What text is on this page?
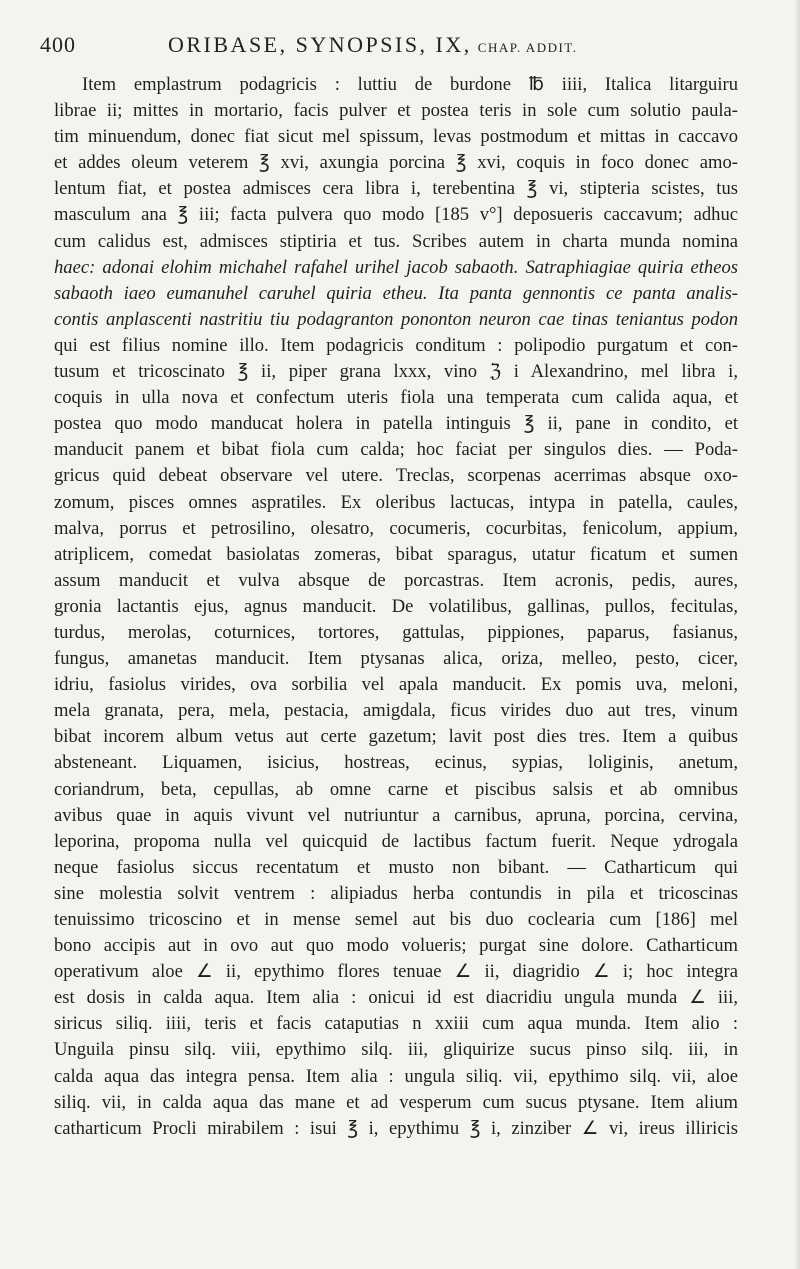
400	ORIBASE, SYNOPSIS, IX, CHAP. ADDIT.
Item emplastrum podagricis : luttiu de burdone ℔ iiii, Italica litarguiru
librae ii; mittes in mortario, facis pulver et postea teris in sole cum solutio paula-
tim minuendum, donec fiat sicut mel spissum, levas postmodum et mittas in caccavo
et addes oleum veterem ℥ xvi, axungia porcina ℥ xvi, coquis in foco donec amo-
lentum fiat, et postea admisces cera libra i, terebentina ℥ vi, stipteria scistes, tus
masculum ana ℥ iii; facta pulvera quo modo [185 v°] deposueris caccavum; adhuc
cum calidus est, admisces stiptiria et tus. Scribes autem in charta munda nomina
haec: adonai elohim michahel rafahel urihel jacob sabaoth. Satraphiagiae quiria etheos
sabaoth iaeo eumanuhel caruhel quiria etheu. Ita panta gennontis ce panta analis-
contis anplascenti nastritiu tiu podagranton pononton neuron cae tinas teniantus podon
qui est filius nomine illo. Item podagricis conditum : polipodio purgatum et con-
tusum et tricoscinato ℥ ii, piper grana lxxx, vino ℨ i Alexandrino, mel libra i,
coquis in ulla nova et confectum uteris fiola una temperata cum calida aqua, et
postea quo modo manducat holera in patella intinguis ℥ ii, pane in condito, et
manducit panem et bibat fiola cum calda; hoc faciat per singulos dies. — Poda-
gricus quid debeat observare vel utere. Treclas, scorpenas acerrimas absque oxo-
zomum, pisces omnes aspratiles. Ex oleribus lactucas, intypa in patella, caules,
malva, porrus et petrosilino, olesatro, cocumeris, cocurbitas, fenicolum, appium,
atriplicem, comedat basiolatas zomeras, bibat sparagus, utatur ficatum et sumen
assum manducit et vulva absque de porcastras. Item acronis, pedis, aures,
gronia lactantis ejus, agnus manducit. De volatilibus, gallinas, pullos, fecitulas,
turdus, merolas, coturnices, tortores, gattulas, pippiones, paparus, fasianus,
fungus, amanetas manducit. Item ptysanas alica, oriza, melleo, pesto, cicer,
idriu, fasiolus virides, ova sorbilia vel apala manducit. Ex pomis uva, meloni,
mela granata, pera, mela, pestacia, amigdala, ficus virides duo aut tres, vinum
bibat incorem album vetus aut certe gazetum; lavit post dies tres. Item a quibus
absteneant. Liquamen, isicius, hostreas, ecinus, sypias, loliginis, anetum,
coriandrum, beta, cepullas, ab omne carne et piscibus salsis et ab omnibus
avibus quae in aquis vivunt vel nutriuntur a carnibus, apruna, porcina, cervina,
leporina, propoma nulla vel quicquid de lactibus factum fuerit. Neque ydrogala
neque fasiolus siccus recentatum et musto non bibant. — Catharticum qui
sine molestia solvit ventrem : alipiadus herba contundis in pila et tricoscinas
tenuissimo tricoscino et in mense semel aut bis duo coclearia cum [186] mel
bono accipis aut in ovo aut quo modo volueris; purgat sine dolore. Catharticum
operativum aloe ∠ ii, epythimo flores tenuae ∠ ii, diagridio ∠ i; hoc integra
est dosis in calda aqua. Item alia : onicui id est diacridiu ungula munda ∠ iii,
siricus siliq. iiii, teris et facis cataputias n xxiii cum aqua munda. Item alio :
Unguila pinsu silq. viii, epythimo silq. iii, gliquirize sucus pinso silq. iii, in
calda aqua das integra pensa. Item alia : ungula siliq. vii, epythimo silq. vii, aloe
siliq. vii, in calda aqua das mane et ad vesperum cum sucus ptysane. Item alium
catharticum Procli mirabilem : isui ℥ i, epythimu ℥ i, zinziber ∠ vi, ireus illiricis
